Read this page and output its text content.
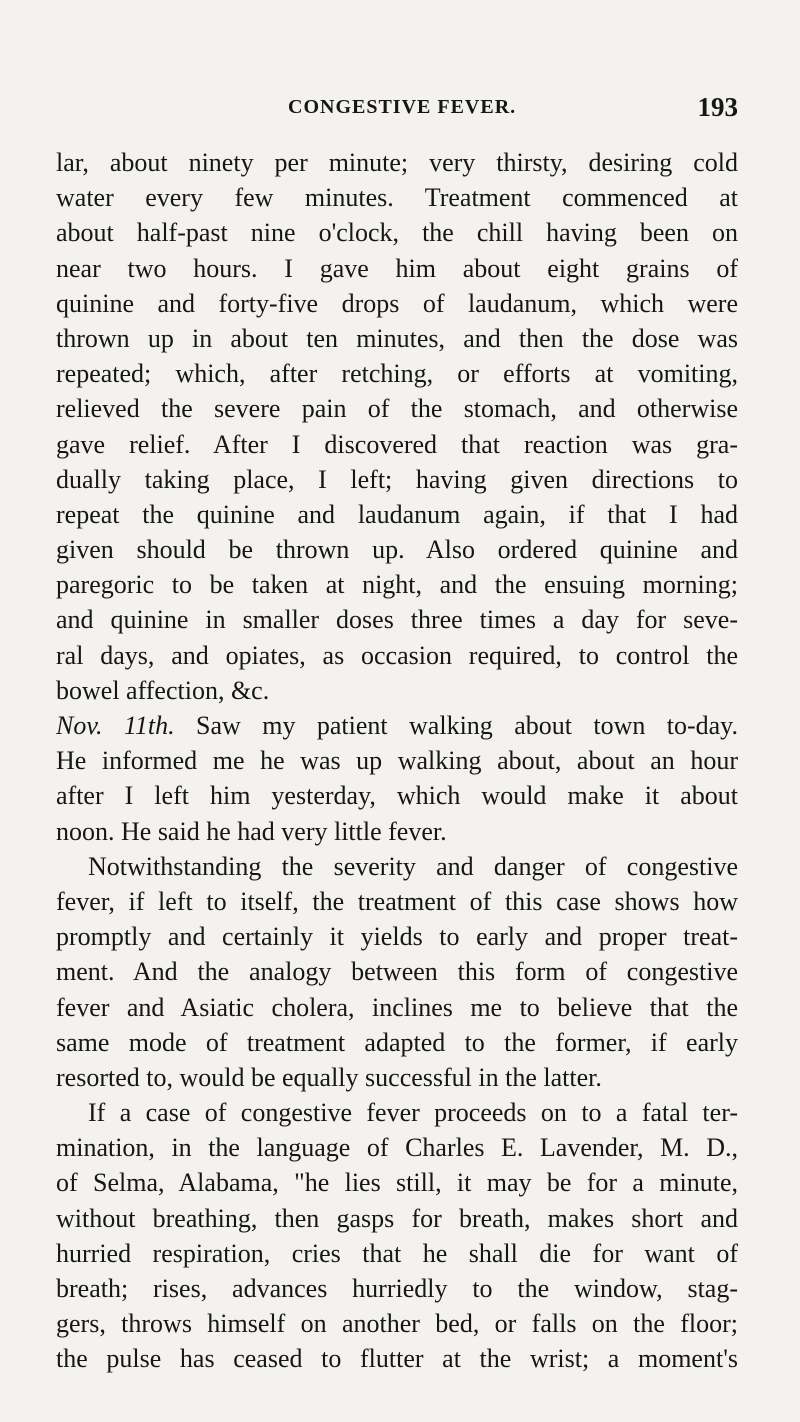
CONGESTIVE FEVER.	193
lar, about ninety per minute; very thirsty, desiring cold
water every few minutes. Treatment commenced at
about half-past nine o'clock, the chill having been on
near two hours. I gave him about eight grains of
quinine and forty-five drops of laudanum, which were
thrown up in about ten minutes, and then the dose was
repeated; which, after retching, or efforts at vomiting,
relieved the severe pain of the stomach, and otherwise
gave relief. After I discovered that reaction was gra-
dually taking place, I left; having given directions to
repeat the quinine and laudanum again, if that I had
given should be thrown up. Also ordered quinine and
paregoric to be taken at night, and the ensuing morning;
and quinine in smaller doses three times a day for seve-
ral days, and opiates, as occasion required, to control the
bowel affection, &c.
Nov. 11th. Saw my patient walking about town to-day.
He informed me he was up walking about, about an hour
after I left him yesterday, which would make it about
noon. He said he had very little fever.
Notwithstanding the severity and danger of congestive
fever, if left to itself, the treatment of this case shows how
promptly and certainly it yields to early and proper treat-
ment. And the analogy between this form of congestive
fever and Asiatic cholera, inclines me to believe that the
same mode of treatment adapted to the former, if early
resorted to, would be equally successful in the latter.
If a case of congestive fever proceeds on to a fatal ter-
mination, in the language of Charles E. Lavender, M. D.,
of Selma, Alabama, "he lies still, it may be for a minute,
without breathing, then gasps for breath, makes short and
hurried respiration, cries that he shall die for want of
breath; rises, advances hurriedly to the window, stag-
gers, throws himself on another bed, or falls on the floor;
the pulse has ceased to flutter at the wrist; a moment's
